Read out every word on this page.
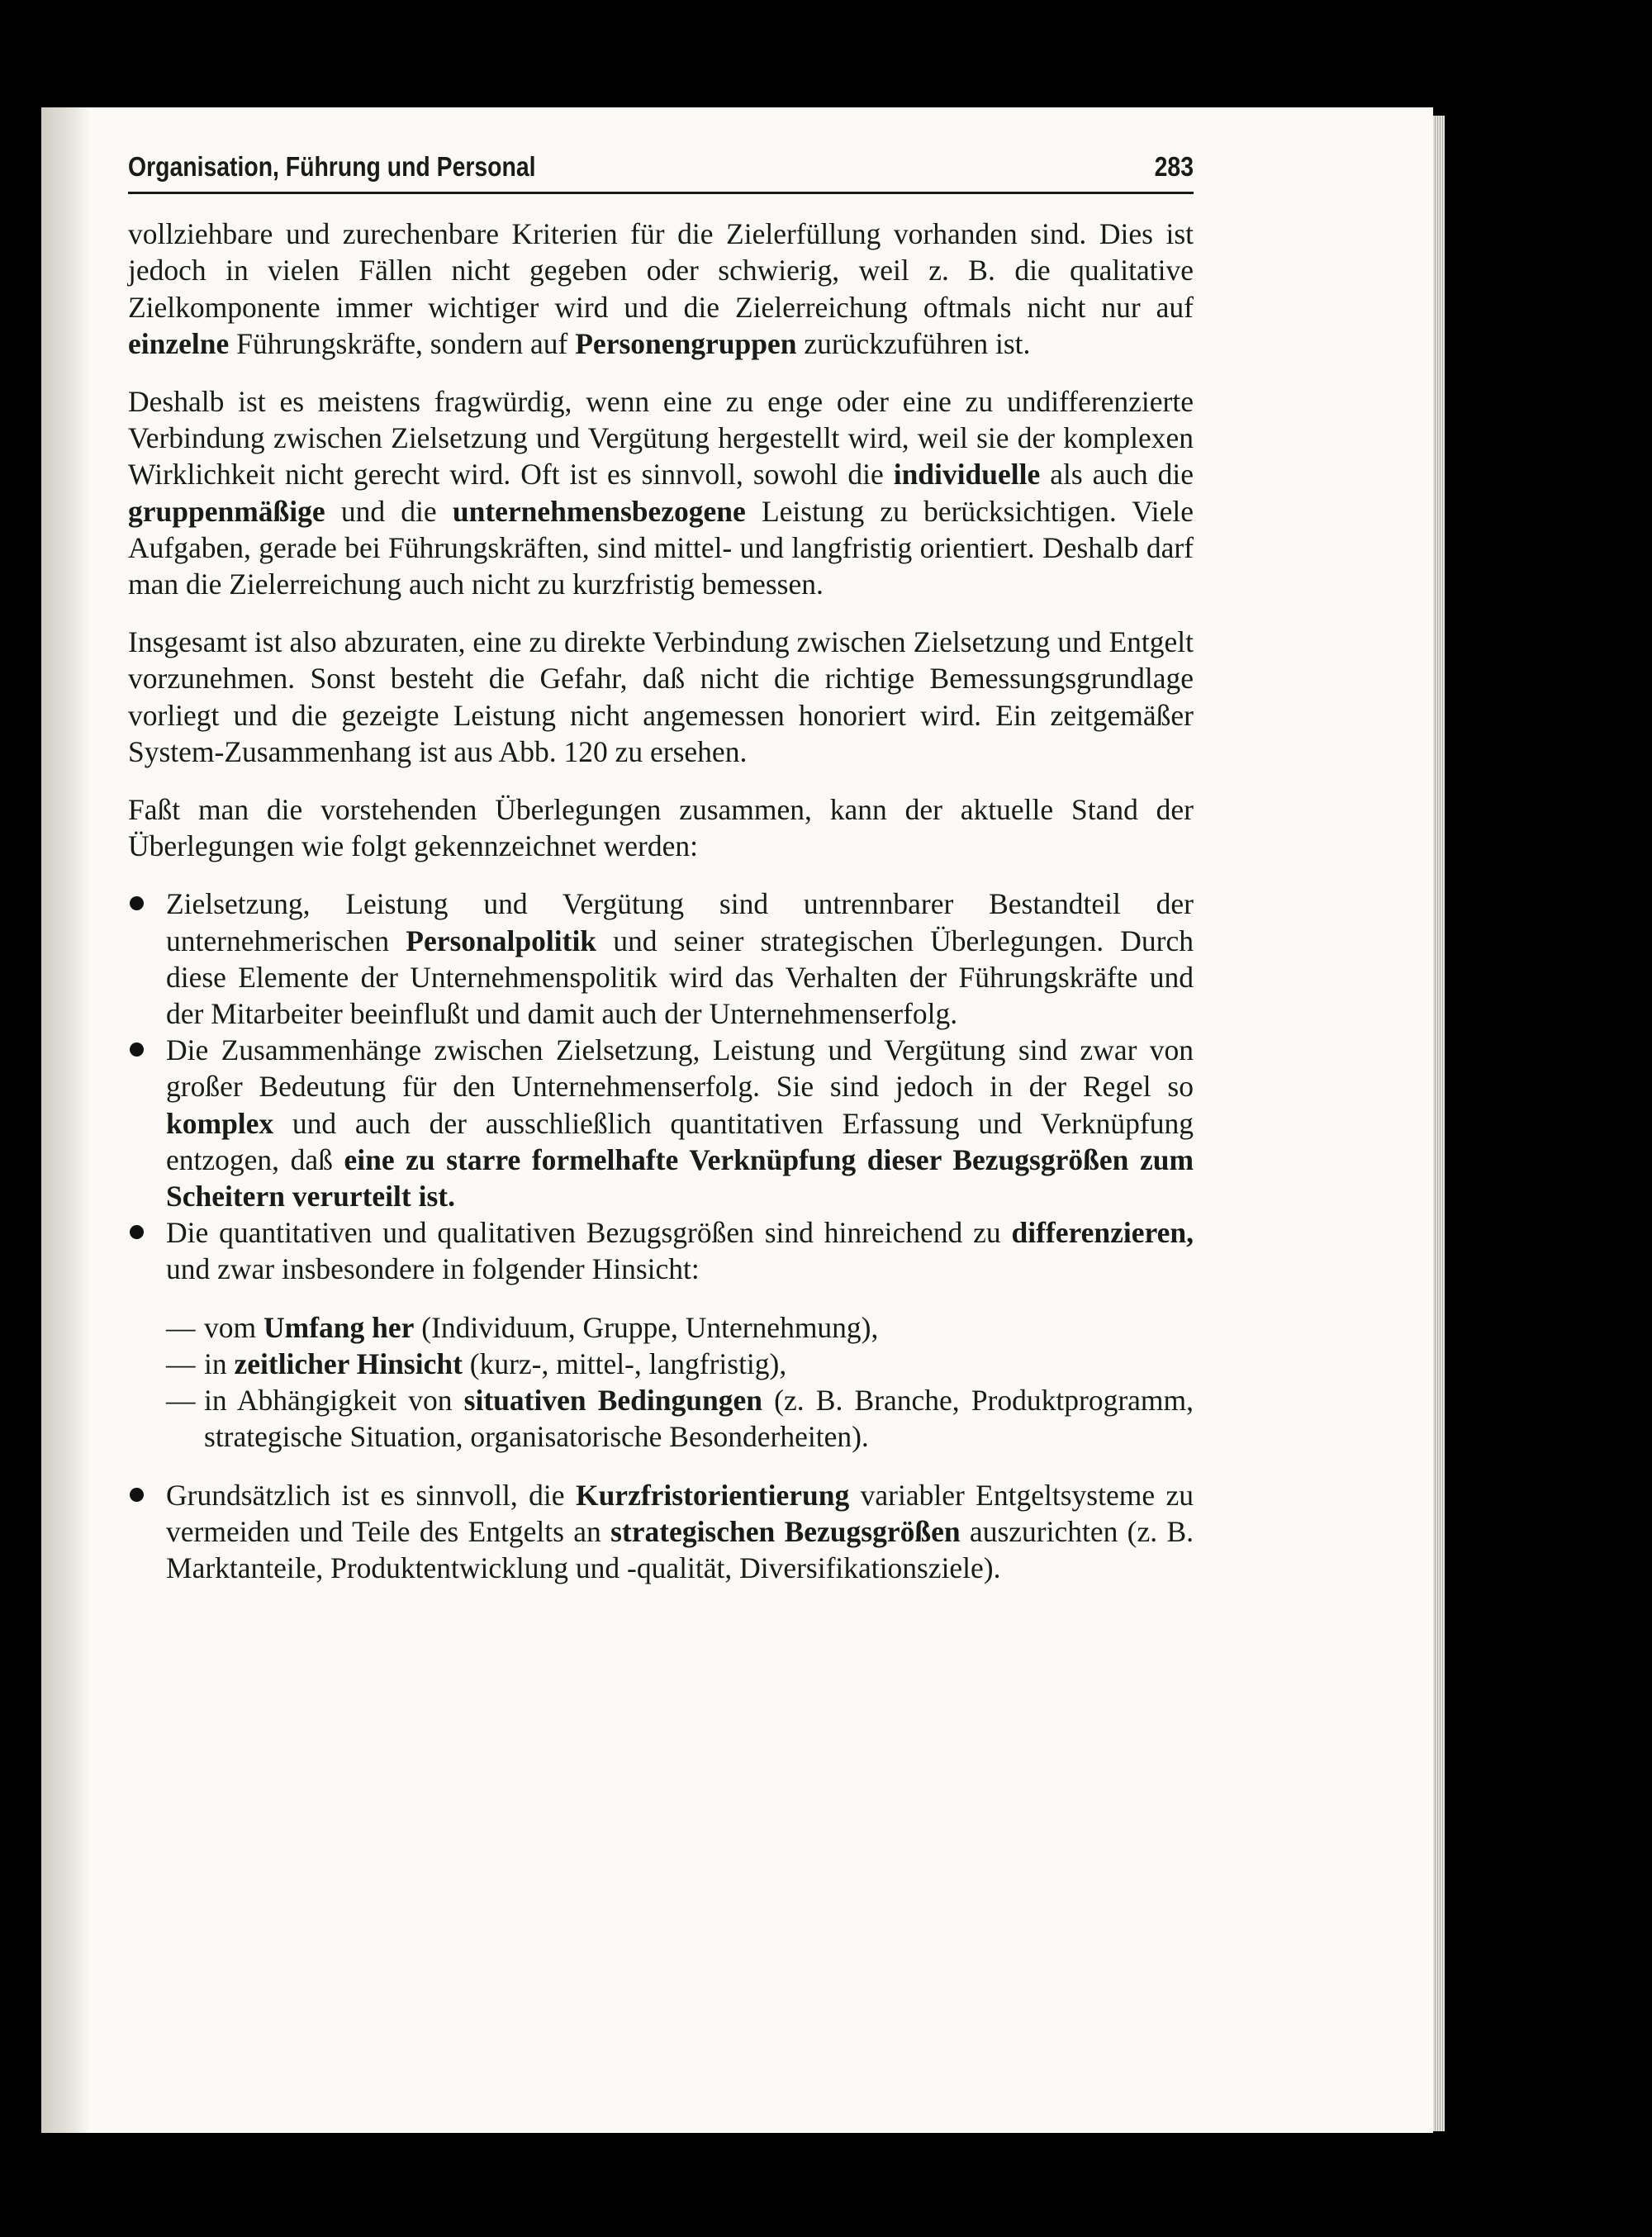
Organisation, Führung und Personal	283

vollziehbare und zurechenbare Kriterien für die Zielerfüllung vorhanden sind. Dies ist jedoch in vielen Fällen nicht gegeben oder schwierig, weil z. B. die qualitative Zielkomponente immer wichtiger wird und die Zielerreichung oftmals nicht nur auf einzelne Führungskräfte, sondern auf Personengruppen zurückzuführen ist.

Deshalb ist es meistens fragwürdig, wenn eine zu enge oder eine zu undifferenzierte Verbindung zwischen Zielsetzung und Vergütung hergestellt wird, weil sie der komplexen Wirklichkeit nicht gerecht wird. Oft ist es sinnvoll, sowohl die individuelle als auch die gruppenmäßige und die unternehmensbezogene Leistung zu berücksichtigen. Viele Aufgaben, gerade bei Führungskräften, sind mittel- und langfristig orientiert. Deshalb darf man die Zielerreichung auch nicht zu kurzfristig bemessen.

Insgesamt ist also abzuraten, eine zu direkte Verbindung zwischen Zielsetzung und Entgelt vorzunehmen. Sonst besteht die Gefahr, daß nicht die richtige Bemessungsgrundlage vorliegt und die gezeigte Leistung nicht angemessen honoriert wird. Ein zeitgemäßer System-Zusammenhang ist aus Abb. 120 zu ersehen.

Faßt man die vorstehenden Überlegungen zusammen, kann der aktuelle Stand der Überlegungen wie folgt gekennzeichnet werden:

Zielsetzung, Leistung und Vergütung sind untrennbarer Bestandteil der unternehmerischen Personalpolitik und seiner strategischen Überlegungen. Durch diese Elemente der Unternehmenspolitik wird das Verhalten der Führungskräfte und der Mitarbeiter beeinflußt und damit auch der Unternehmenserfolg.
Die Zusammenhänge zwischen Zielsetzung, Leistung und Vergütung sind zwar von großer Bedeutung für den Unternehmenserfolg. Sie sind jedoch in der Regel so komplex und auch der ausschließlich quantitativen Erfassung und Verknüpfung entzogen, daß eine zu starre formelhafte Verknüpfung dieser Bezugsgrößen zum Scheitern verurteilt ist.
Die quantitativen und qualitativen Bezugsgrößen sind hinreichend zu differenzieren, und zwar insbesondere in folgender Hinsicht:
— vom Umfang her (Individuum, Gruppe, Unternehmung),
— in zeitlicher Hinsicht (kurz-, mittel-, langfristig),
— in Abhängigkeit von situativen Bedingungen (z. B. Branche, Produktprogramm, strategische Situation, organisatorische Besonderheiten).
Grundsätzlich ist es sinnvoll, die Kurzfristorientierung variabler Entgeltsysteme zu vermeiden und Teile des Entgelts an strategischen Bezugsgrößen auszurichten (z. B. Marktanteile, Produktentwicklung und -qualität, Diversifikationsziele).
